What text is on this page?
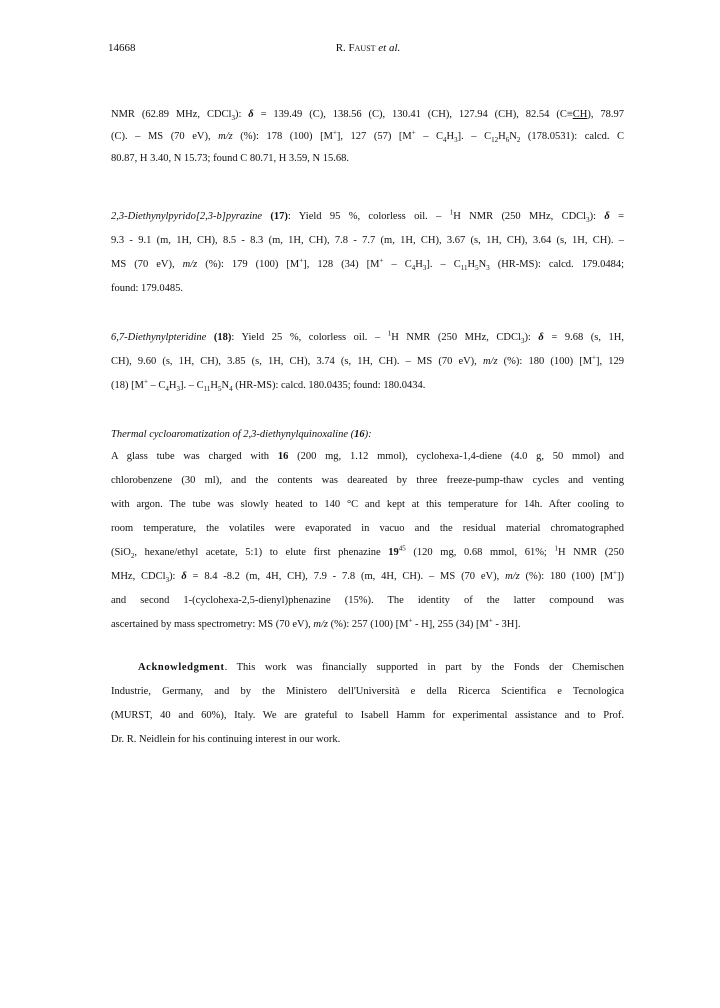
14668	R. Faust et al.
NMR (62.89 MHz, CDCl$_3$): δ = 139.49 (C), 138.56 (C), 130.41 (CH), 127.94 (CH), 82.54 (C≡CH), 78.97
(C). – MS (70 eV), m/z (%): 178 (100) [M+], 127 (57) $[M^+ - C_4H_3]$. – $C_{12}H_6N_2$ (178.0531): calcd. C
80.87, H 3.40, N 15.73; found C 80.71, H 3.59, N 15.68.
2,3-Diethynylpyrido[2,3-b]pyrazine (17): Yield 95 %, colorless oil. – $^1$H NMR (250 MHz, CDCl$_3$): δ =
9.3 - 9.1 (m, 1H, CH), 8.5 - 8.3 (m, 1H, CH), 7.8 - 7.7 (m, 1H, CH), 3.67 (s, 1H, CH), 3.64 (s, 1H, CH). –
MS (70 eV), m/z (%): 179 (100) [M+], 128 (34) $[M^+ - C_4H_3]$. – $C_{11}H_5N_3$ (HR-MS): calcd. 179.0484;
found: 179.0485.
6,7-Diethynylpteridine (18): Yield 25 %, colorless oil. – $^1$H NMR (250 MHz, CDCl$_3$): δ = 9.68 (s, 1H,
CH), 9.60 (s, 1H, CH), 3.85 (s, 1H, CH), 3.74 (s, 1H, CH). – MS (70 eV), m/z (%): 180 (100) [M+], 129
(18) $[M^+ - C_4H_3]$. – $C_{11}H_5N_4$ (HR-MS): calcd. 180.0435; found: 180.0434.
Thermal cycloaromatization of 2,3-diethynylquinoxaline (16):
A glass tube was charged with 16 (200 mg, 1.12 mmol), cyclohexa-1,4-diene (4.0 g, 50 mmol) and
chlorobenzene (30 ml), and the contents was deareated by three freeze-pump-thaw cycles and venting
with argon. The tube was slowly heated to 140 °C and kept at this temperature for 14h. After cooling to
room temperature, the volatiles were evaporated in vacuo and the residual material chromatographed
(SiO$_2$, hexane/ethyl acetate, 5:1) to elute first phenazine $19^{45}$ (120 mg, 0.68 mmol, 61%; $^1$H NMR (250
MHz, CDCl$_3$): δ = 8.4 -8.2 (m, 4H, CH), 7.9 - 7.8 (m, 4H, CH). – MS (70 eV), m/z (%): 180 (100) [M+])
and second 1-(cyclohexa-2,5-dienyl)phenazine (15%). The identity of the latter compound was
ascertained by mass spectrometry: MS (70 eV), m/z (%): 257 (100) [M+ - H], 255 (34) [M+ - 3H].
Acknowledgment. This work was financially supported in part by the Fonds der Chemischen
Industrie, Germany, and by the Ministero dell'Università e della Ricerca Scientifica e Tecnologica
(MURST, 40 and 60%), Italy. We are grateful to Isabell Hamm for experimental assistance and to Prof.
Dr. R. Neidlein for his continuing interest in our work.
